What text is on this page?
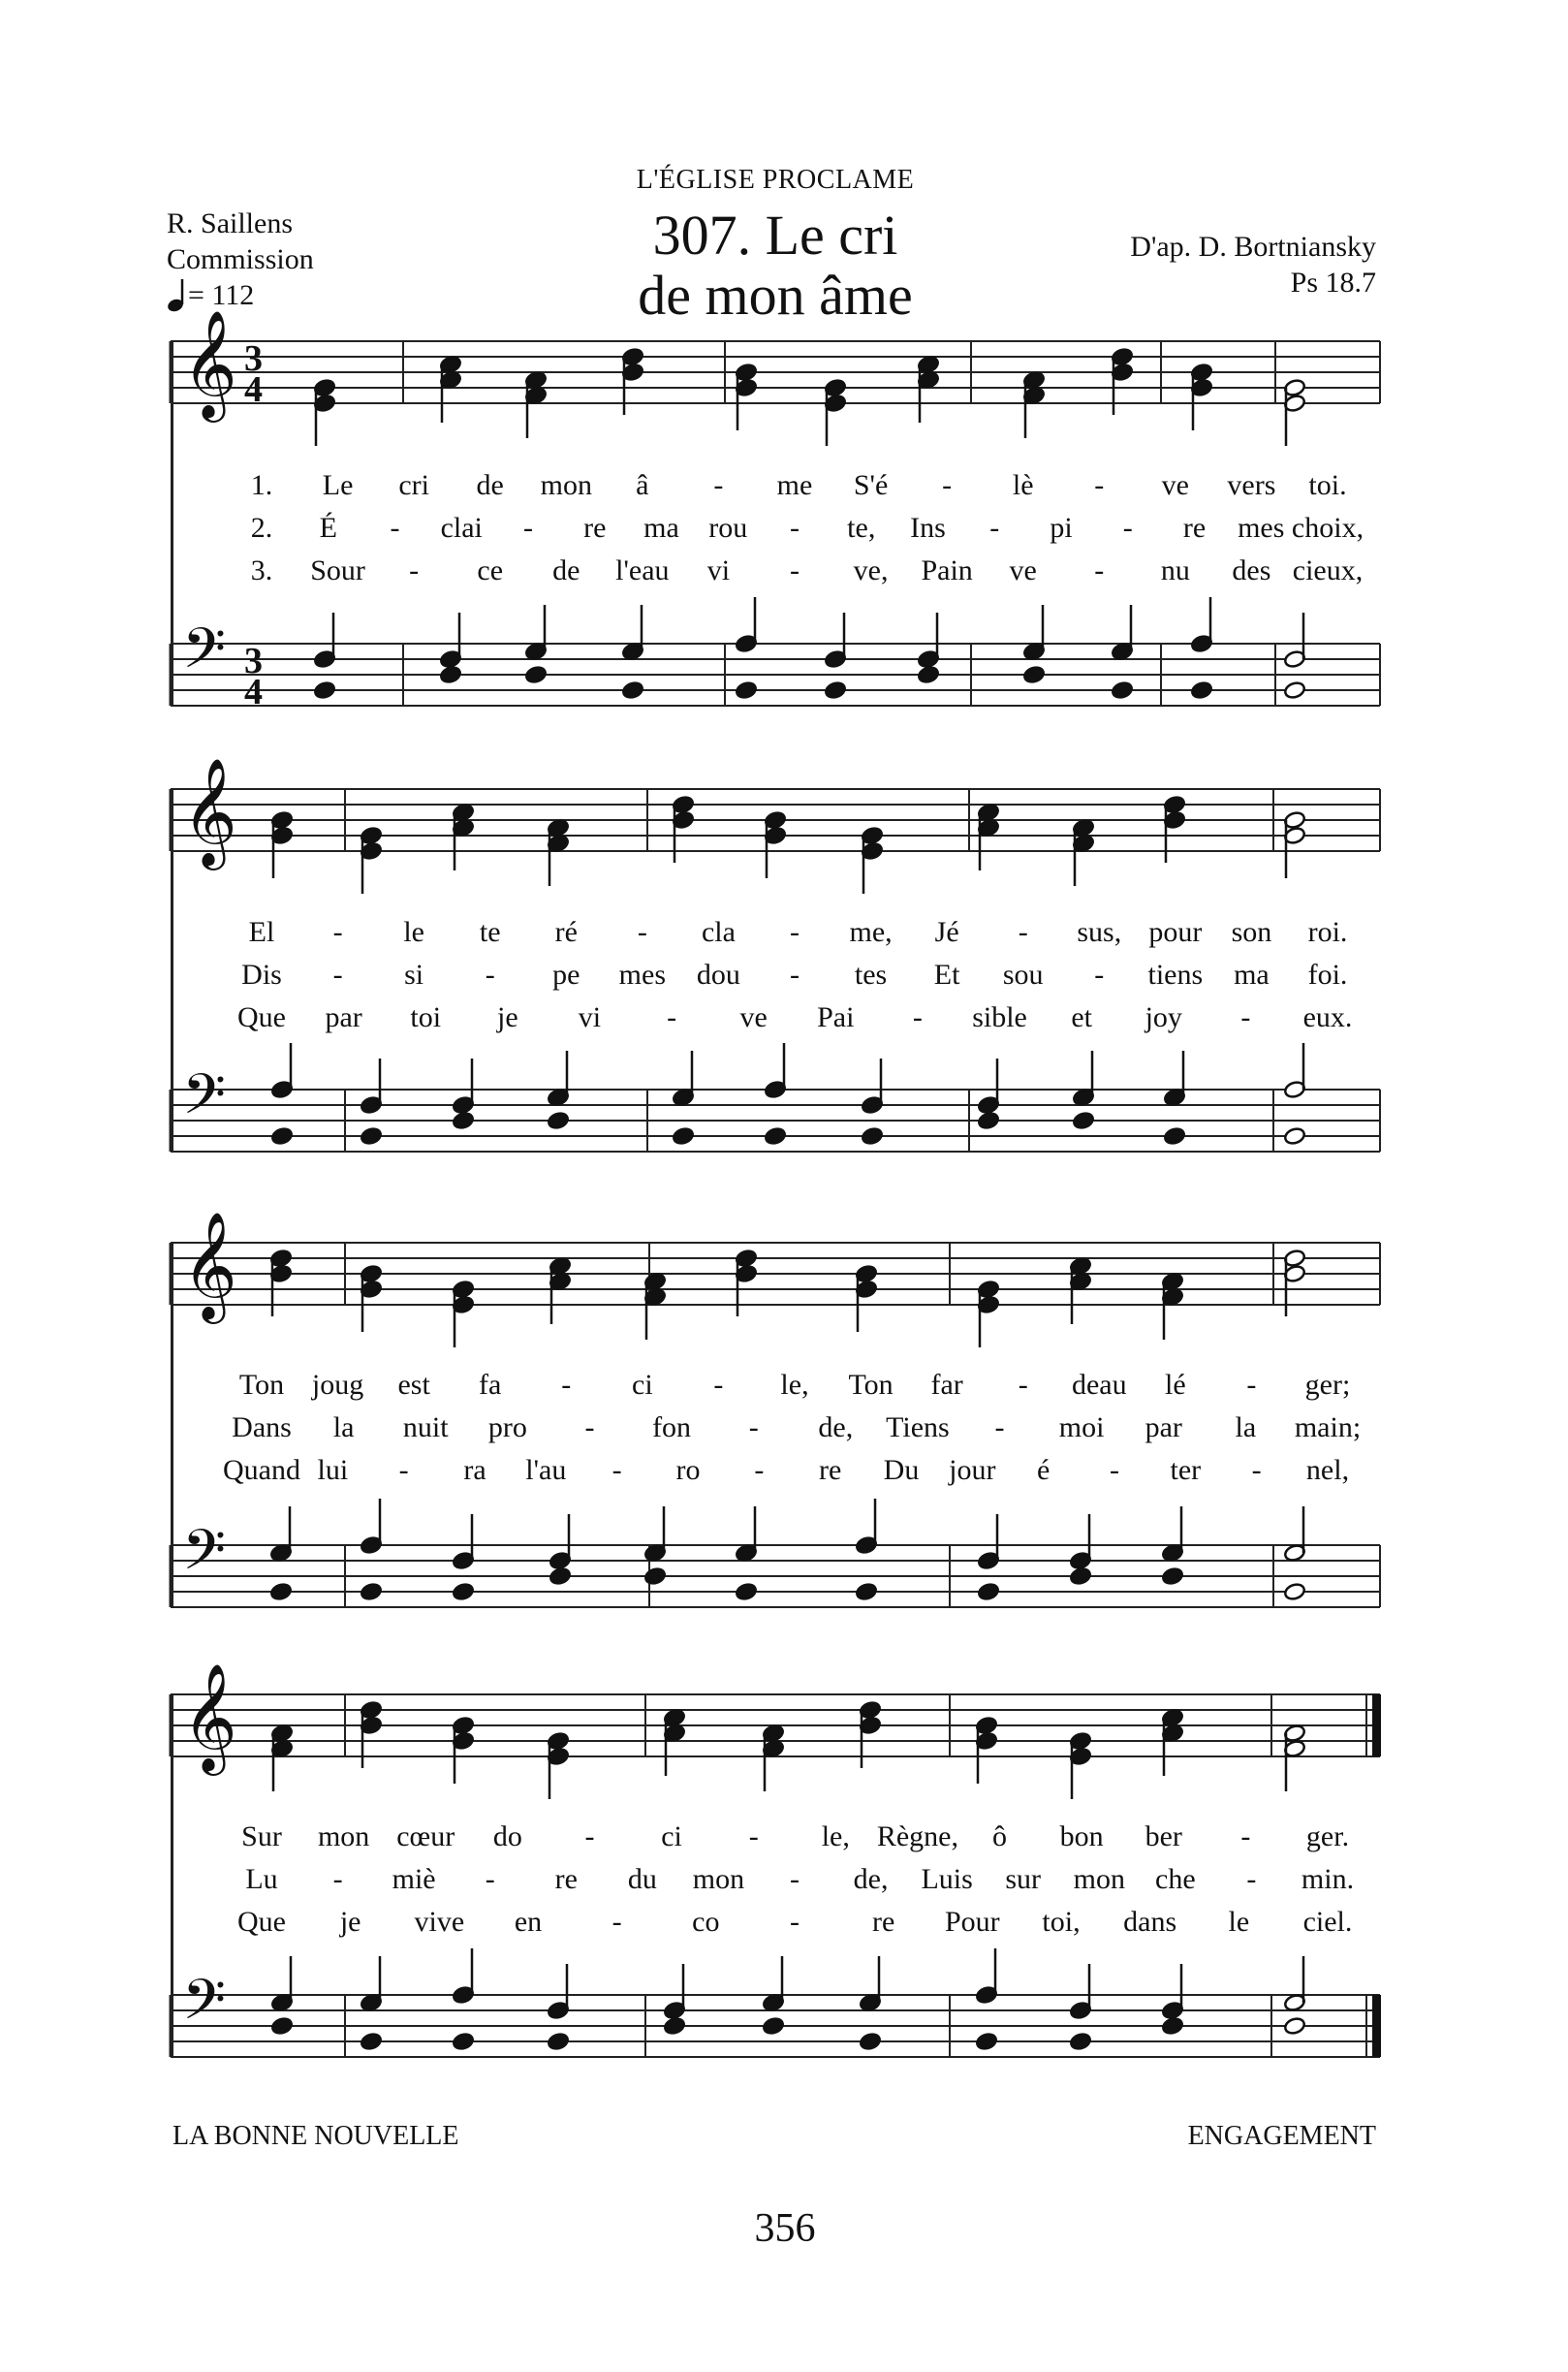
L'ÉGLISE PROCLAME
307. Le cri
de mon âme
R. Saillens
Commission
= 112
D'ap. D. Bortniansky
Ps 18.7
𝄞 3
4
𝄢 3
4
𝄞
𝄢
𝄞
𝄢
𝄞
𝄢
1. Le cri de mon â - me S'é - lè - ve vers toi.
2. É - clai - re ma rou - te, Ins - pi - re mes choix,
3. Sour - ce de l'eau vi - ve, Pain ve - nu des cieux,
El - le te ré - cla - me, Jé - sus, pour son roi.
Dis - si - pe mes dou - tes Et sou - tiens ma foi.
Que par toi je vi - ve Pai - sible et joy - eux.
Ton joug est fa - ci - le, Ton far - deau lé - ger;
Dans la nuit pro - fon - de, Tiens - moi par la main;
Quand lui - ra l'au - ro - re Du jour é - ter - nel,
Sur mon cœur do - ci - le, Règne, ô bon ber - ger.
Lu - miè - re du mon - de, Luis sur mon che - min.
Que je vive en - co -	re Pour toi, dans le ciel.
LA BONNE NOUVELLE	ENGAGEMENT
356
